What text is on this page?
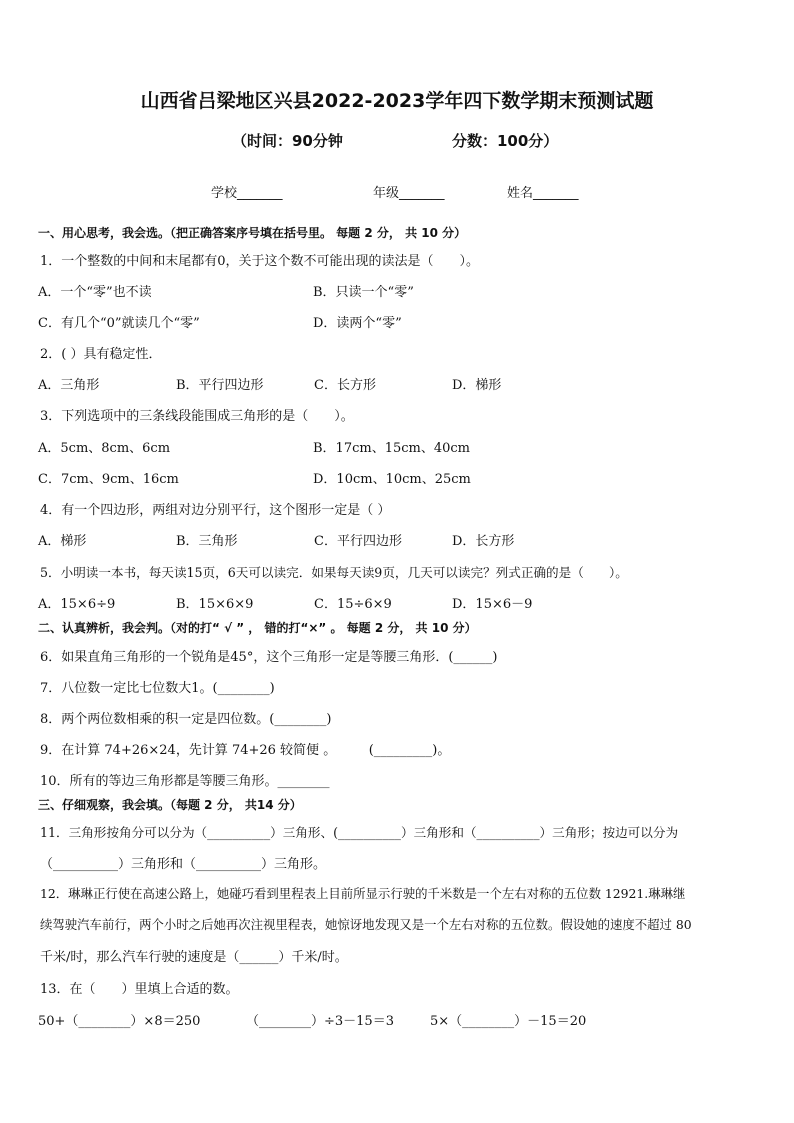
山西省吕梁地区兴县2022-2023学年四下数学期末预测试题
（时间：90分钟	分数：100分）
学校_______	年级_______	姓名_______
一、用心思考，我会选。（把正确答案序号填在括号里。 每题 2 分， 共 10 分）
1．一个整数的中间和末尾都有0，关于这个数不可能出现的读法是（　　）。
A．一个“零”也不读	B．只读一个“零”
C．有几个“0”就读几个“零”	D．读两个“零”
2．( ）具有稳定性．
A．三角形	B．平行四边形	C．长方形	D．梯形
3．下列选项中的三条线段能围成三角形的是（　　）。
A．5cm、8cm、6cm	B．17cm、15cm、40cm
C．7cm、9cm、16cm	D．10cm、10cm、25cm
4．有一个四边形，两组对边分别平行，这个图形一定是（ ）
A．梯形	B．三角形	C．平行四边形	D．长方形
5．小明读一本书，每天读15页，6天可以读完．如果每天读9页，几天可以读完？列式正确的是（　　）。
A．15×6÷9	B．15×6×9	C．15÷6×9	D．15×6－9
二、认真辨析，我会判。（对的打“ √ ” ， 错的打“×” 。 每题 2 分， 共 10 分）
6．如果直角三角形的一个锐角是45°，这个三角形一定是等腰三角形．(______)
7．八位数一定比七位数大1。(________)
8．两个两位数相乘的积一定是四位数。(________)
9．在计算 74+26×24，先计算 74+26 较简便 。　　　(_________)。
10．所有的等边三角形都是等腰三角形。________
三、仔细观察，我会填。（每题 2 分， 共14 分）
11．三角形按角分可以分为（__________）三角形、(__________）三角形和（__________）三角形；按边可以分为
（__________）三角形和（__________）三角形。
12．琳琳正行使在高速公路上，她碰巧看到里程表上目前所显示行驶的千米数是一个左右对称的五位数 12921.琳琳继
续驾驶汽车前行，两个小时之后她再次注视里程表，她惊讶地发现又是一个左右对称的五位数。假设她的速度不超过 80
千米/时，那么汽车行驶的速度是（______）千米/时。
13．在（　　）里填上合适的数。
50+（________）×8＝250	（________）÷3－15＝3	5×（________）－15＝20
